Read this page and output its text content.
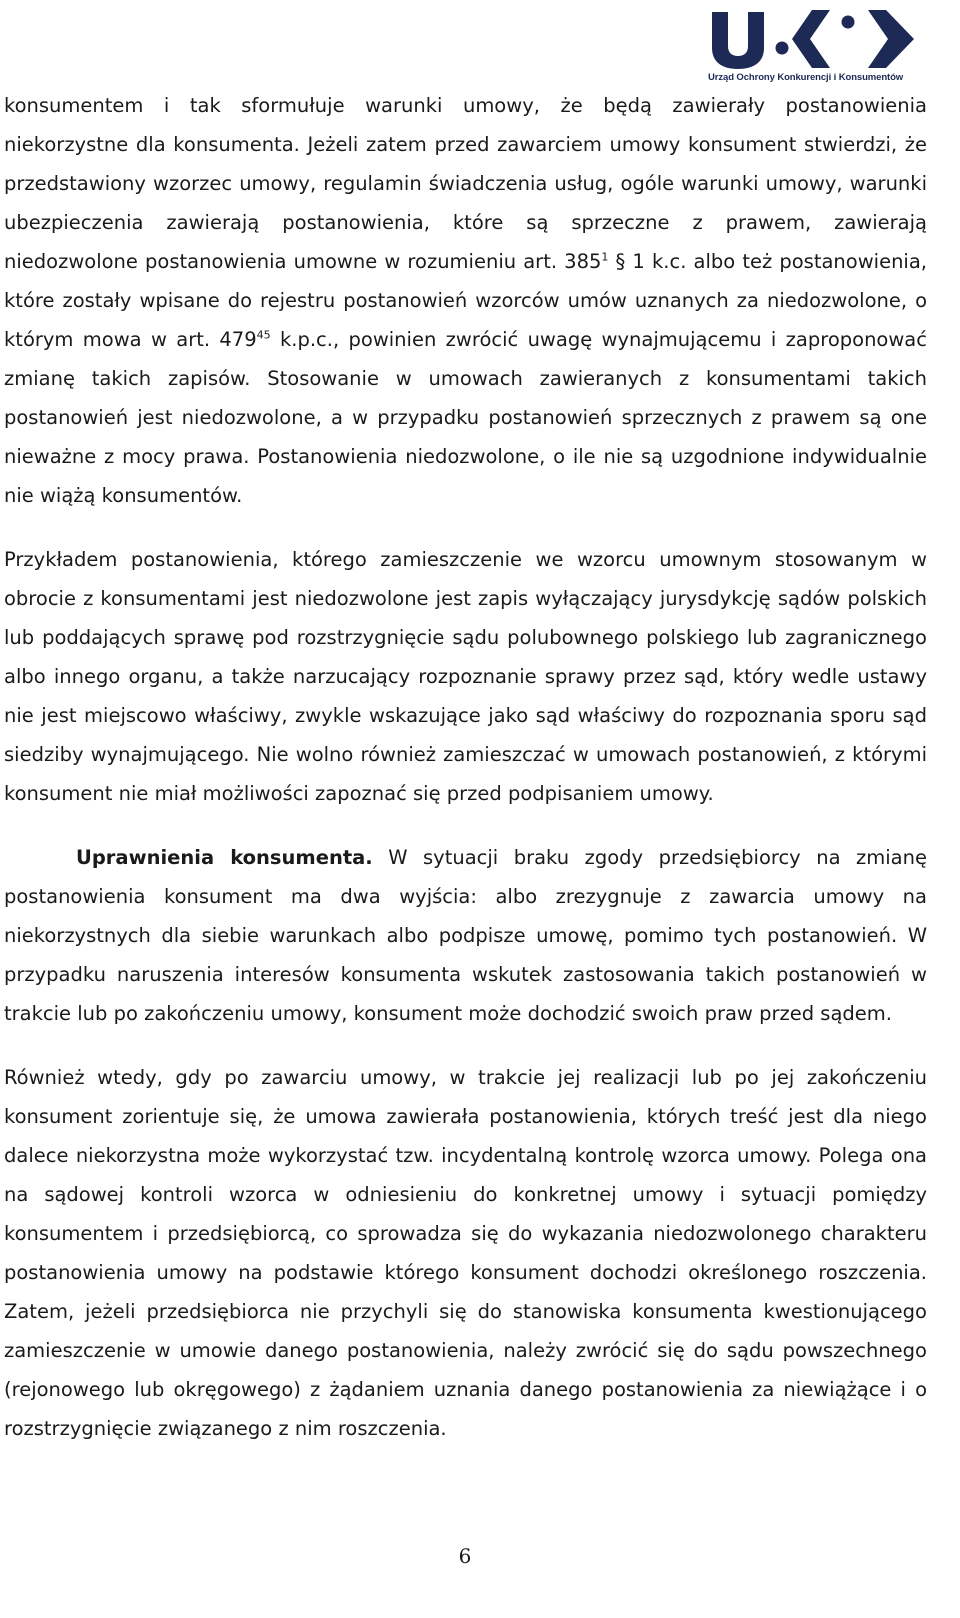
Urząd Ochrony Konkurencji i Konsumentów

konsumentem i tak sformułuje warunki umowy, że będą zawierały postanowienia niekorzystne dla konsumenta. Jeżeli zatem przed zawarciem umowy konsument stwierdzi, że przedstawiony wzorzec umowy, regulamin świadczenia usług, ogóle warunki umowy, warunki ubezpieczenia zawierają postanowienia, które są sprzeczne z prawem, zawierają niedozwolone postanowienia umowne w rozumieniu art. $385^1$ § 1 k.c. albo też postanowienia, które zostały wpisane do rejestru postanowień wzorców umów uznanych za niedozwolone, o którym mowa w art. $479^{45}$ k.p.c., powinien zwrócić uwagę wynajmującemu i zaproponować zmianę takich zapisów. Stosowanie w umowach zawieranych z konsumentami takich postanowień jest niedozwolone, a w przypadku postanowień sprzecznych z prawem są one nieważne z mocy prawa. Postanowienia niedozwolone, o ile nie są uzgodnione indywidualnie nie wiążą konsumentów.

Przykładem postanowienia, którego zamieszczenie we wzorcu umownym stosowanym w obrocie z konsumentami jest niedozwolone jest zapis wyłączający jurysdykcję sądów polskich lub poddających sprawę pod rozstrzygnięcie sądu polubownego polskiego lub zagranicznego albo innego organu, a także narzucający rozpoznanie sprawy przez sąd, który wedle ustawy nie jest miejscowo właściwy, zwykle wskazujące jako sąd właściwy do rozpoznania sporu sąd siedziby wynajmującego. Nie wolno również zamieszczać w umowach postanowień, z którymi konsument nie miał możliwości zapoznać się przed podpisaniem umowy.

Uprawnienia konsumenta. W sytuacji braku zgody przedsiębiorcy na zmianę postanowienia konsument ma dwa wyjścia: albo zrezygnuje z zawarcia umowy na niekorzystnych dla siebie warunkach albo podpisze umowę, pomimo tych postanowień. W przypadku naruszenia interesów konsumenta wskutek zastosowania takich postanowień w trakcie lub po zakończeniu umowy, konsument może dochodzić swoich praw przed sądem.

Również wtedy, gdy po zawarciu umowy, w trakcie jej realizacji lub po jej zakończeniu konsument zorientuje się, że umowa zawierała postanowienia, których treść jest dla niego dalece niekorzystna może wykorzystać tzw. incydentalną kontrolę wzorca umowy. Polega ona na sądowej kontroli wzorca w odniesieniu do konkretnej umowy i sytuacji pomiędzy konsumentem i przedsiębiorcą, co sprowadza się do wykazania niedozwolonego charakteru postanowienia umowy na podstawie którego konsument dochodzi określonego roszczenia. Zatem, jeżeli przedsiębiorca nie przychyli się do stanowiska konsumenta kwestionującego zamieszczenie w umowie danego postanowienia, należy zwrócić się do sądu powszechnego (rejonowego lub okręgowego) z żądaniem uznania danego postanowienia za niewiążące i o rozstrzygnięcie związanego z nim roszczenia.

6
